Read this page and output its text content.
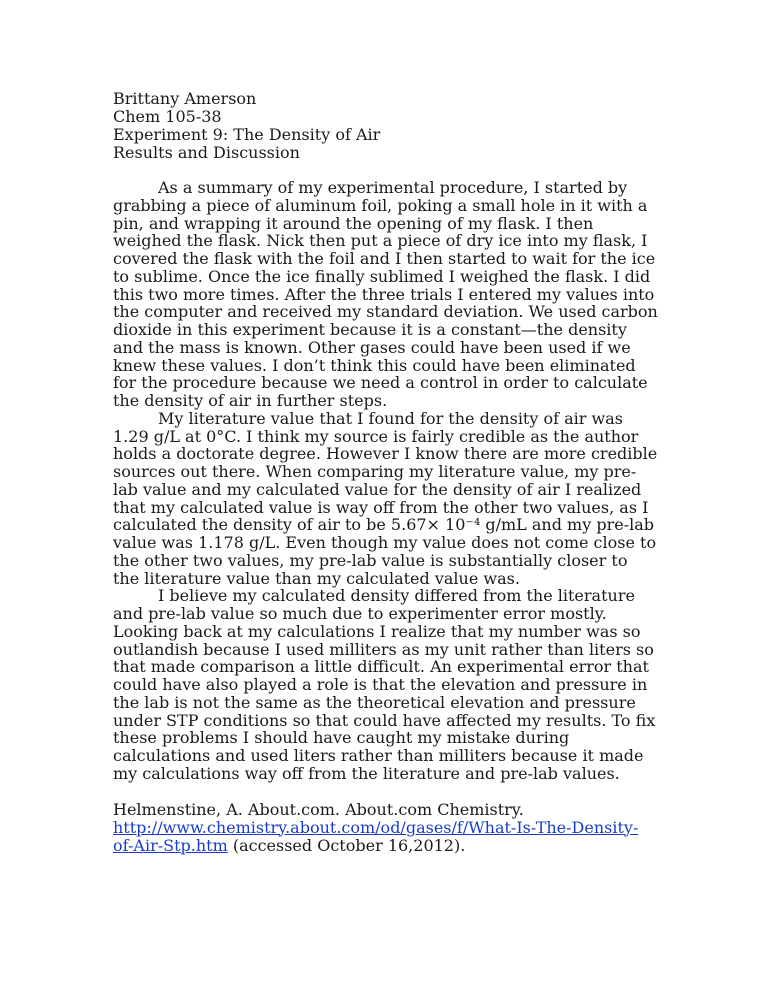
Brittany Amerson

Chem 105-38

Experiment 9: The Density of Air

Results and Discussion

As a summary of my experimental procedure, I started by grabbing a piece of aluminum foil, poking a small hole in it with a pin, and wrapping it around the opening of my flask. I then weighed the flask. Nick then put a piece of dry ice into my flask, I covered the flask with the foil and I then started to wait for the ice to sublime. Once the ice finally sublimed I weighed the flask. I did this two more times. After the three trials I entered my values into the computer and received my standard deviation. We used carbon dioxide in this experiment because it is a constant—the density and the mass is known. Other gases could have been used if we knew these values. I don’t think this could have been eliminated for the procedure because we need a control in order to calculate the density of air in further steps.

My literature value that I found for the density of air was 1.29 g/L at 0°C. I think my source is fairly credible as the author holds a doctorate degree. However I know there are more credible sources out there. When comparing my literature value, my pre-lab value and my calculated value for the density of air I realized that my calculated value is way off from the other two values, as I calculated the density of air to be 5.67× 10⁻⁴ g/mL and my pre-lab value was 1.178 g/L. Even though my value does not come close to the other two values, my pre-lab value is substantially closer to the literature value than my calculated value was.

I believe my calculated density differed from the literature and pre-lab value so much due to experimenter error mostly. Looking back at my calculations I realize that my number was so outlandish because I used milliters as my unit rather than liters so that made comparison a little difficult. An experimental error that could have also played a role is that the elevation and pressure in the lab is not the same as the theoretical elevation and pressure under STP conditions so that could have affected my results. To fix these problems I should have caught my mistake during calculations and used liters rather than milliters because it made my calculations way off from the literature and pre-lab values.

Helmenstine, A. About.com. About.com Chemistry.

http://www.chemistry.about.com/od/gases/f/What-Is-The-Density-of-Air-Stp.htm (accessed October 16,2012).
